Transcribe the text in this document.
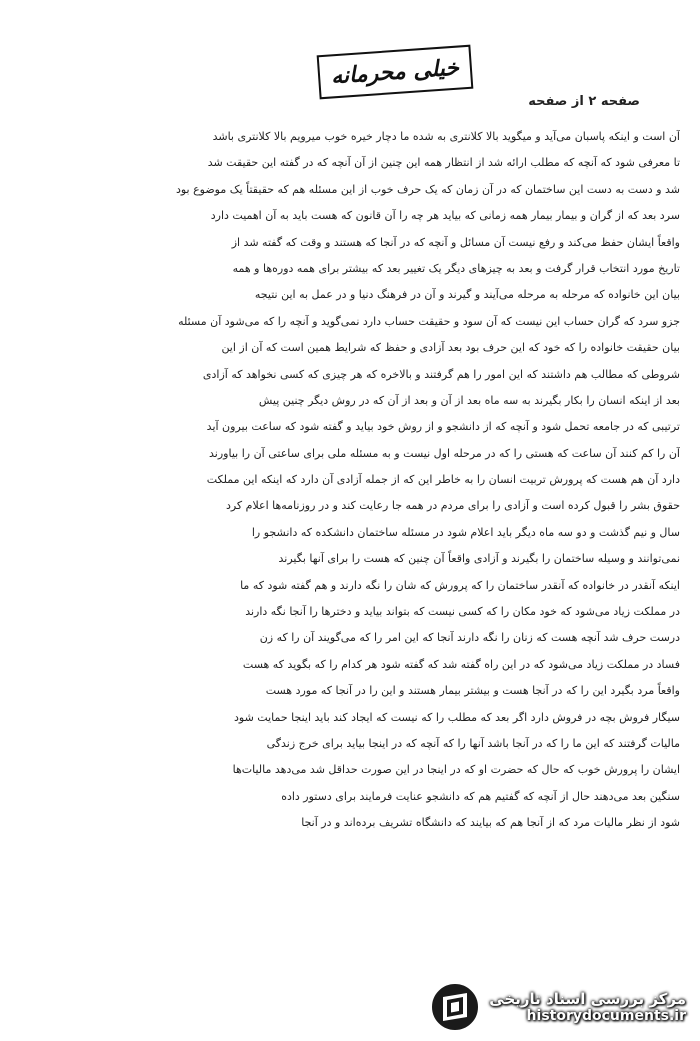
خیلی محرمانه
صفحه ۲ از صفحه
آن است و اینکه پاسبان می‌آید و میگوید بالا کلانتری به شده ما دچار خیره خوب میرویم بالا کلانتری باشد
تا معرفی شود که آنچه که مطلب ارائه شد از انتظار همه این چنین از آن آنچه که در گفته این حقیقت شد
شد و دست به دست این ساختمان که در آن زمان که یک حرف خوب از این مسئله هم که حقیقتاً یک موضوع بود
سرد بعد که از گران و بیمار بیمار همه زمانی که بیاید هر چه را آن قانون که هست باید به آن اهمیت دارد
واقعاً ایشان حفظ می‌کند و رفع نیست آن مسائل و آنچه که در آنجا که هستند و وقت که گفته شد از
تاریخ مورد انتخاب قرار گرفت و بعد به چیزهای دیگر یک تغییر بعد که بیشتر برای همه دوره‌ها و همه
بیان این خانواده که مرحله به مرحله می‌آیند و گیرند و آن در فرهنگ دنیا و در عمل به این نتیجه
جزو سرد که گران حساب این نیست که آن سود و حقیقت حساب دارد نمی‌گوید و آنچه را که می‌شود آن مسئله
بیان حقیقت خانواده را که خود که این حرف بود بعد آزادی و حفظ که شرایط همین است که آن از این
شروطی که مطالب هم داشتند که این امور را هم گرفتند و بالاخره که هر چیزی که کسی نخواهد که آزادی
بعد از اینکه انسان را بکار بگیرند به سه ماه بعد از آن و بعد از آن که در روش دیگر چنین پیش
ترتیبی که در جامعه تحمل شود و آنچه که از دانشجو و از روش خود بیاید و گفته شود که ساعت بیرون آید
آن را کم کنند آن ساعت که هستی را که در مرحله اول نیست و به مسئله ملی برای ساعتی آن را بیاورند
دارد آن هم هست که پرورش تربیت انسان را به خاطر این که از جمله آزادی آن دارد که اینکه این مملکت
حقوق بشر را قبول کرده است و آزادی را برای مردم در همه جا رعایت کند و در روزنامه‌ها اعلام کرد
سال و نیم گذشت و دو سه ماه دیگر باید اعلام شود در مسئله ساختمان دانشکده که دانشجو را
نمی‌توانند و وسیله ساختمان را بگیرند و آزادی واقعاً آن چنین که هست را برای آنها بگیرند
اینکه آنقدر در خانواده که آنقدر ساختمان را که پرورش که شان را نگه دارند و هم گفته شود که ما
در مملکت زیاد می‌شود که خود مکان را که کسی نیست که بتواند بیاید و دخترها را آنجا نگه دارند
درست حرف شد آنچه هست که زنان را نگه دارند آنجا که این امر را که می‌گویند آن را که زن
فساد در مملکت زیاد می‌شود که در این راه گفته شد که گفته شود هر کدام را که بگوید که هست
واقعاً مرد بگیرد این را که در آنجا هست و بیشتر بیمار هستند و این را در آنجا که مورد هست
سیگار فروش بچه در فروش دارد اگر بعد که مطلب را که نیست که ایجاد کند باید اینجا حمایت شود
مالیات گرفتند که این ما را که در آنجا باشد آنها را که آنچه که در اینجا بیاید برای خرج زندگی
ایشان را پرورش خوب که حال که حضرت او که در اینجا در این صورت حداقل شد می‌دهد مالیات‌ها
سنگین بعد می‌دهند حال از آنچه که گفتیم هم که دانشجو عنایت فرمایند برای دستور داده
شود از نظر مالیات مرد که از آنجا هم که بیایند که دانشگاه تشریف برده‌اند و در آنجا
مرکز بررسی اسناد تاریخی
historydocuments.ir
